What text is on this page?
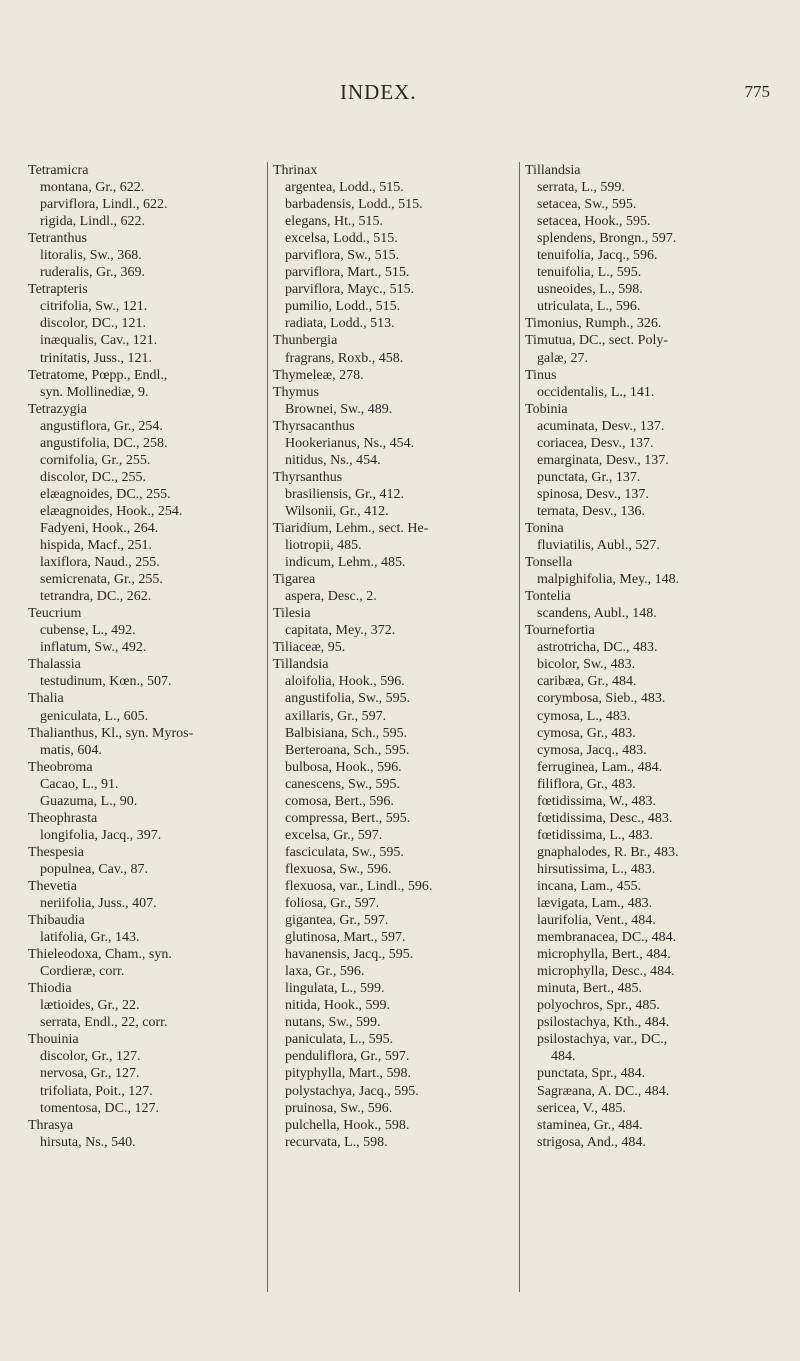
INDEX.	775
Tetramicra
montana, Gr., 622.
parviflora, Lindl., 622.
rigida, Lindl., 622.
Tetranthus
litoralis, Sw., 368.
ruderalis, Gr., 369.
Tetrapteris
citrifolia, Sw., 121.
discolor, DC., 121.
inæqualis, Cav., 121.
trinitatis, Juss., 121.
Tetratome, Pœpp., Endl.,
syn. Mollinediæ, 9.
Tetrazygia
angustiflora, Gr., 254.
angustifolia, DC., 258.
cornifolia, Gr., 255.
discolor, DC., 255.
elæagnoides, DC., 255.
elæagnoides, Hook., 254.
Fadyeni, Hook., 264.
hispida, Macf., 251.
laxiflora, Naud., 255.
semicrenata, Gr., 255.
tetrandra, DC., 262.
Teucrium
cubense, L., 492.
inflatum, Sw., 492.
Thalassia
testudinum, Kœn., 507.
Thalia
geniculata, L., 605.
Thalianthus, Kl., syn. Myros-
matis, 604.
Theobroma
Cacao, L., 91.
Guazuma, L., 90.
Theophrasta
longifolia, Jacq., 397.
Thespesia
populnea, Cav., 87.
Thevetia
neriifolia, Juss., 407.
Thibaudia
latifolia, Gr., 143.
Thieleodoxa, Cham., syn.
Cordieræ, corr.
Thiodia
lætioides, Gr., 22.
serrata, Endl., 22, corr.
Thouinia
discolor, Gr., 127.
nervosa, Gr., 127.
trifoliata, Poit., 127.
tomentosa, DC., 127.
Thrasya
hirsuta, Ns., 540.
Thrinax
argentea, Lodd., 515.
barbadensis, Lodd., 515.
elegans, Ht., 515.
excelsa, Lodd., 515.
parviflora, Sw., 515.
parviflora, Mart., 515.
parviflora, Mayc., 515.
pumilio, Lodd., 515.
radiata, Lodd., 513.
Thunbergia
fragrans, Roxb., 458.
Thymeleæ, 278.
Thymus
Brownei, Sw., 489.
Thyrsacanthus
Hookerianus, Ns., 454.
nitidus, Ns., 454.
Thyrsanthus
brasiliensis, Gr., 412.
Wilsonii, Gr., 412.
Tiaridium, Lehm., sect. He-
liotropii, 485.
indicum, Lehm., 485.
Tigarea
aspera, Desc., 2.
Tilesia
capitata, Mey., 372.
Tiliaceæ, 95.
Tillandsia
aloifolia, Hook., 596.
angustifolia, Sw., 595.
axillaris, Gr., 597.
Balbisiana, Sch., 595.
Berteroana, Sch., 595.
bulbosa, Hook., 596.
canescens, Sw., 595.
comosa, Bert., 596.
compressa, Bert., 595.
excelsa, Gr., 597.
fasciculata, Sw., 595.
flexuosa, Sw., 596.
flexuosa, var., Lindl., 596.
foliosa, Gr., 597.
gigantea, Gr., 597.
glutinosa, Mart., 597.
havanensis, Jacq., 595.
laxa, Gr., 596.
lingulata, L., 599.
nitida, Hook., 599.
nutans, Sw., 599.
paniculata, L., 595.
penduliflora, Gr., 597.
pityphylla, Mart., 598.
polystachya, Jacq., 595.
pruinosa, Sw., 596.
pulchella, Hook., 598.
recurvata, L., 598.
Tillandsia
serrata, L., 599.
setacea, Sw., 595.
setacea, Hook., 595.
splendens, Brongn., 597.
tenuifolia, Jacq., 596.
tenuifolia, L., 595.
usneoides, L., 598.
utriculata, L., 596.
Timonius, Rumph., 326.
Timutua, DC., sect. Poly-
galæ, 27.
Tinus
occidentalis, L., 141.
Tobinia
acuminata, Desv., 137.
coriacea, Desv., 137.
emarginata, Desv., 137.
punctata, Gr., 137.
spinosa, Desv., 137.
ternata, Desv., 136.
Tonina
fluviatilis, Aubl., 527.
Tonsella
malpighifolia, Mey., 148.
Tontelia
scandens, Aubl., 148.
Tournefortia
astrotricha, DC., 483.
bicolor, Sw., 483.
caribæa, Gr., 484.
corymbosa, Sieb., 483.
cymosa, L., 483.
cymosa, Gr., 483.
cymosa, Jacq., 483.
ferruginea, Lam., 484.
filiflora, Gr., 483.
fœtidissima, W., 483.
fœtidissima, Desc., 483.
fœtidissima, L., 483.
gnaphalodes, R. Br., 483.
hirsutissima, L., 483.
incana, Lam., 455.
lævigata, Lam., 483.
laurifolia, Vent., 484.
membranacea, DC., 484.
microphylla, Bert., 484.
microphylla, Desc., 484.
minuta, Bert., 485.
polyochros, Spr., 485.
psilostachya, Kth., 484.
psilostachya, var., DC.,
484.
punctata, Spr., 484.
Sagræana, A. DC., 484.
sericea, V., 485.
staminea, Gr., 484.
strigosa, And., 484.
